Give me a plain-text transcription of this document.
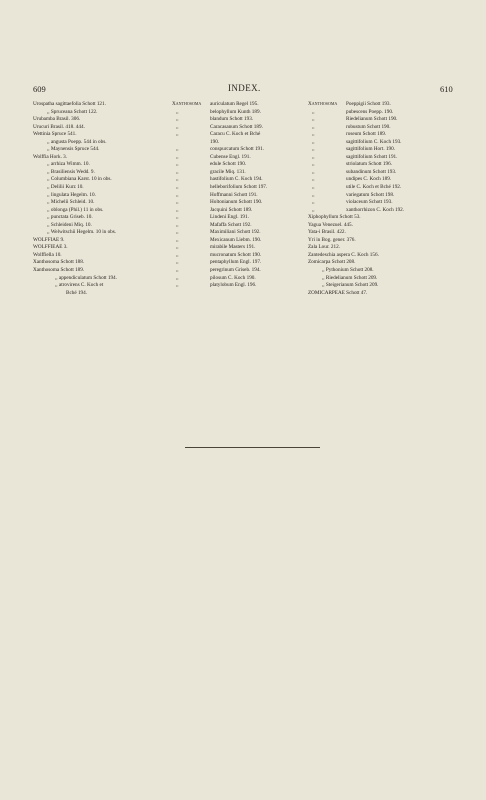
609	INDEX.	610
Urospatha sagittaefolia Schott 121.
,, Spruceana Schott 122.
Urubamba Brasil. 306.
Urucuri Brasil. 418. 444.
Wettinia Spruce 541.
,, angusta Poepp. 544 in obs.
,, Maynensis Spruce 544.
Wolffia Hork. 3.
,, arrhiza Wimm. 10.
,, Brasiliensis Wedd. 9.
,, Columbiana Karst. 10 in obs.
,, Delilii Kurz 10.
,, lingulata Hegelm. 10.
,, Michelii Schleid. 10.
,, oblonga (Phil.) 11 in obs.
,, punctata Griseb. 10.
,, Schleideni Miq. 10.
,, Welwitschii Hegelm. 10 in obs.
WOLFFIAE 9.
WOLFFIEAE 3.
Wolffiella 10.
Xanthosoma Schott 188.
Xanthosoma Schott 189.
,, appendiculatum Schott 194.
,, atrovirens C. Koch et
Bché 194.
Xanthosoma	auriculatum Regel 195.
,,	belophyllum Kunth 189.
,,	blandum Schott 193.
,,	Caracasanum Schott 189.
,,	Caracu C. Koch et Bché
190.
,,	conspurcatum Schott 191.
,,	Cubense Engl. 191.
,,	edule Schott 190.
,,	gracile Miq. 131.
,,	hastifolium C. Koch 194.
,,	helleborifolium Schott 197.
,,	Hoffmanni Schott 191.
,,	Holtonianum Schott 190.
,,	Jacquini Schott 189.
,,	Lindeni Engl. 191.
,,	Mafaffa Schott 192.
,,	Maximiliani Schott 192.
,,	Mexicanum Liebm. 190.
,,	mirabile Masters 191.
,,	mucronatum Schott 190.
,,	pentaphyllum Engl. 197.
,,	peregrinum Griseb. 194.
,,	pilosum C. Koch 190.
,,	platylobum Engl. 196.
Xanthosoma	Poeppigii Schott 193.
,,	pubescens Poepp. 190.
,,	Riedelianum Schott 190.
,,	robustum Schott 190.
,,	roseum Schott 189.
,,	sagittifolium C. Koch 193.
,,	sagittifolium Hort. 190.
,,	sagittifolium Schott 191.
,,	striolatum Schott 196.
,,	subandinum Schott 193.
,,	undipes C. Koch 189.
,,	utile C. Koch et Bché 192.
,,	variegatum Schott 198.
,,	violaceum Schott 193.
,,	xanthorrhizon C. Koch 192.
Xiphophyllum Schott 53.
Yagua Venezuel. 445.
Yata-i Brasil. 422.
Yri in Bog. gener. 376.
Zala Lour. 212.
Zantedeschia aspera C. Koch 156.
Zomicarpa Schott 208.
,, Pythonium Schott 208.
,, Riedelianum Schott 209.
,, Steigerianum Schott 209.
ZOMICARPEAE Schott 47.
